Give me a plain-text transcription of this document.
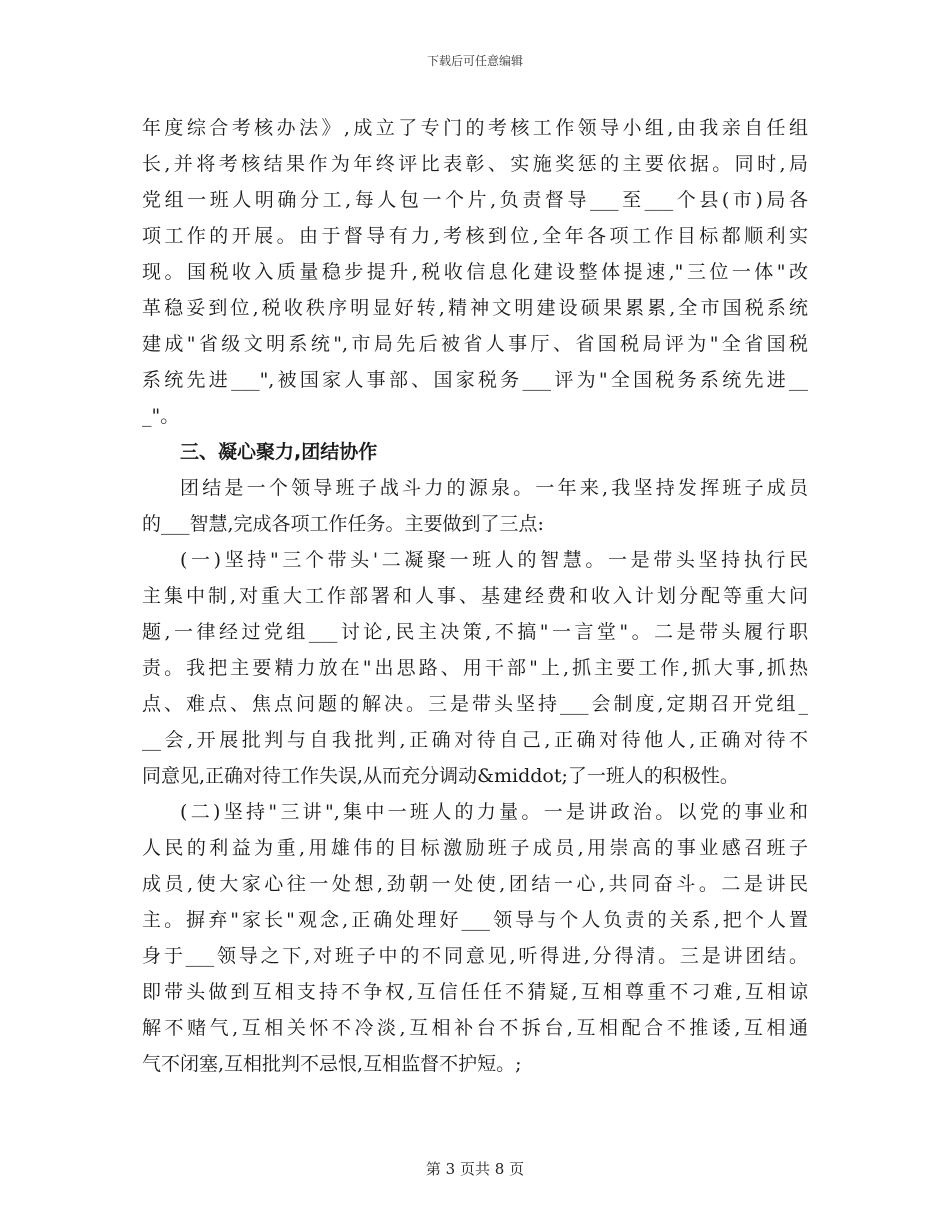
下载后可任意编辑
年度综合考核办法》,成立了专门的考核工作领导小组,由我亲自任组
长,并将考核结果作为年终评比表彰、实施奖惩的主要依据。同时,局
党组一班人明确分工,每人包一个片,负责督导___至___个县(市)局各
项工作的开展。由于督导有力,考核到位,全年各项工作目标都顺利实
现。国税收入质量稳步提升,税收信息化建设整体提速,"三位一体"改
革稳妥到位,税收秩序明显好转,精神文明建设硕果累累,全市国税系统
建成"省级文明系统",市局先后被省人事厅、省国税局评为"全省国税
系统先进___",被国家人事部、国家税务___评为"全国税务系统先进__
_"。
三、凝心聚力,团结协作
团结是一个领导班子战斗力的源泉。一年来,我坚持发挥班子成员
的___智慧,完成各项工作任务。主要做到了三点:
(一)坚持"三个带头'二凝聚一班人的智慧。一是带头坚持执行民
主集中制,对重大工作部署和人事、基建经费和收入计划分配等重大问
题,一律经过党组___讨论,民主决策,不搞"一言堂"。二是带头履行职
责。我把主要精力放在"出思路、用干部"上,抓主要工作,抓大事,抓热
点、难点、焦点问题的解决。三是带头坚持___会制度,定期召开党组_
__会,开展批判与自我批判,正确对待自己,正确对待他人,正确对待不
同意见,正确对待工作失误,从而充分调动&middot;了一班人的积极性。
(二)坚持"三讲",集中一班人的力量。一是讲政治。以党的事业和
人民的利益为重,用雄伟的目标激励班子成员,用崇高的事业感召班子
成员,使大家心往一处想,劲朝一处使,团结一心,共同奋斗。二是讲民
主。摒弃"家长"观念,正确处理好___领导与个人负责的关系,把个人置
身于___领导之下,对班子中的不同意见,听得进,分得清。三是讲团结。
即带头做到互相支持不争权,互信任任不猜疑,互相尊重不刁难,互相谅
解不赌气,互相关怀不冷淡,互相补台不拆台,互相配合不推诿,互相通
气不闭塞,互相批判不忌恨,互相监督不护短。;
第 3 页共 8 页
